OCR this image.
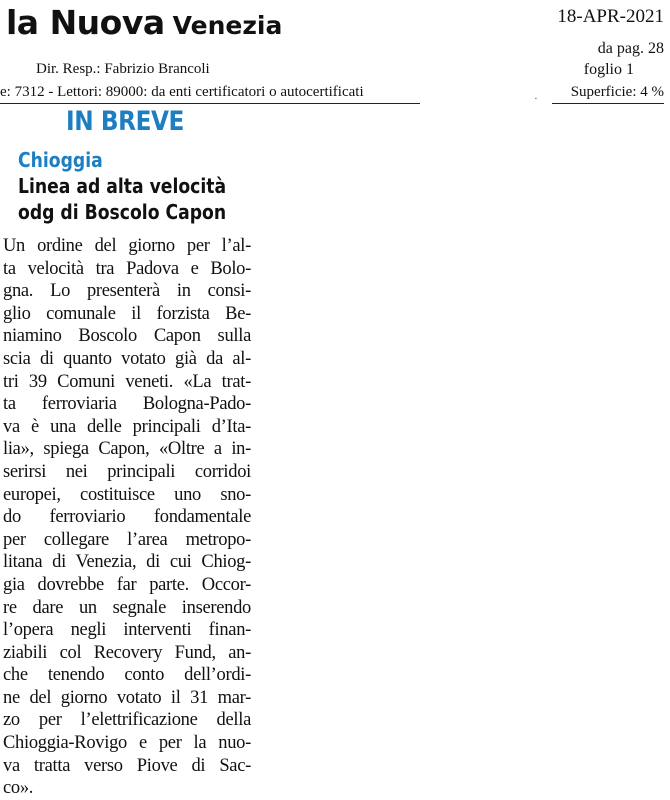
la Nuova Venezia	18-APR-2021
da pag. 28
Dir. Resp.: Fabrizio Brancoli	foglio 1
e: 7312 - Lettori: 89000: da enti certificatori o autocertificati	▪ Superficie: 4 %
IN BREVE
Chioggia
Linea ad alta velocità
odg di Boscolo Capon
Un ordine del giorno per l’al-
ta velocità tra Padova e Bolo-
gna. Lo presenterà in consi-
glio comunale il forzista Be-
niamino Boscolo Capon sulla
scia di quanto votato già da al-
tri 39 Comuni veneti. «La trat-
ta ferroviaria Bologna-Pado-
va è una delle principali d’Ita-
lia», spiega Capon, «Oltre a in-
serirsi nei principali corridoi
europei, costituisce uno sno-
do ferroviario fondamentale
per collegare l’area metropo-
litana di Venezia, di cui Chiog-
gia dovrebbe far parte. Occor-
re dare un segnale inserendo
l’opera negli interventi finan-
ziabili col Recovery Fund, an-
che tenendo conto dell’ordi-
ne del giorno votato il 31 mar-
zo per l’elettrificazione della
Chioggia-Rovigo e per la nuo-
va tratta verso Piove di Sac-
co».
